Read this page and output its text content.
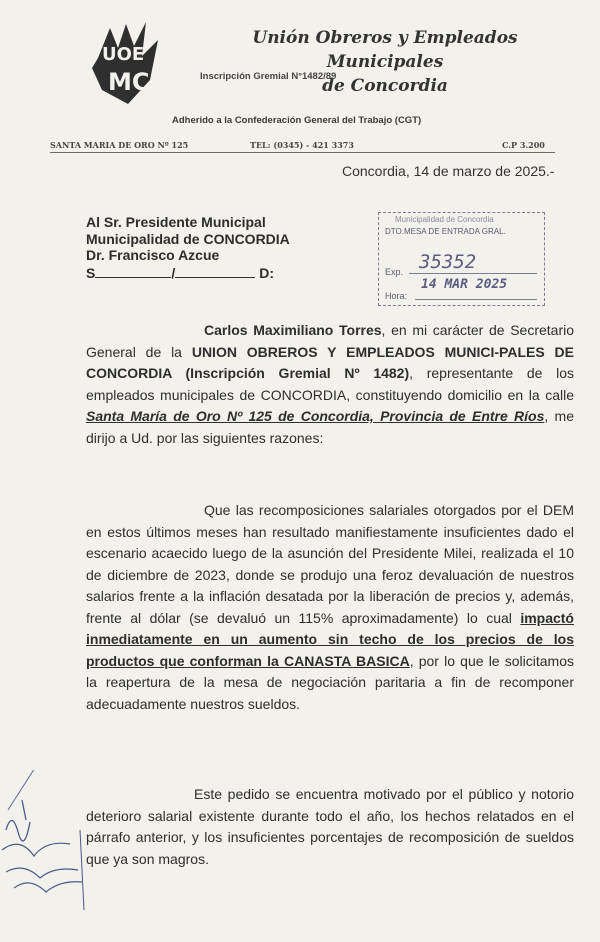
UOE
MC
Unión Obreros y Empleados Municipales
de Concordia
Inscripción Gremial N°1482/89
Adherido a la Confederación General del Trabajo (CGT)
SANTA MARIA DE ORO Nº 125	TEL: (0345) - 421 3373	C.P 3.200
Concordia, 14 de marzo de 2025.-
Al Sr. Presidente Municipal
Municipalidad de CONCORDIA
Dr. Francisco Azcue
S	/	D:
Municipalidad de Concordia
DTO.MESA DE ENTRADA GRAL.
Exp. 35352
14 MAR 2025
Hora:

Carlos Maximiliano Torres, en mi carácter de Secretario General de la UNION OBREROS Y EMPLEADOS MUNICI-PALES DE CONCORDIA (Inscripción Gremial Nº 1482), representante de los empleados municipales de CONCORDIA, constituyendo domicilio en la calle Santa María de Oro Nº 125 de Concordia, Provincia de Entre Ríos, me dirijo a Ud. por las siguientes razones:

Que las recomposiciones salariales otorgados por el DEM en estos últimos meses han resultado manifiestamente insuficientes dado el escenario acaecido luego de la asunción del Presidente Milei, realizada el 10 de diciembre de 2023, donde se produjo una feroz devaluación de nuestros salarios frente a la inflación desatada por la liberación de precios y, además, frente al dólar (se devaluó un 115% aproximadamente) lo cual impactó inmediatamente en un aumento sin techo de los precios de los productos que conforman la CANASTA BASICA, por lo que le solicitamos la reapertura de la mesa de negociación paritaria a fin de recomponer adecuadamente nuestros sueldos.

Este pedido se encuentra motivado por el público y notorio deterioro salarial existente durante todo el año, los hechos relatados en el párrafo anterior, y los insuficientes porcentajes de recomposición de sueldos que ya son magros.
